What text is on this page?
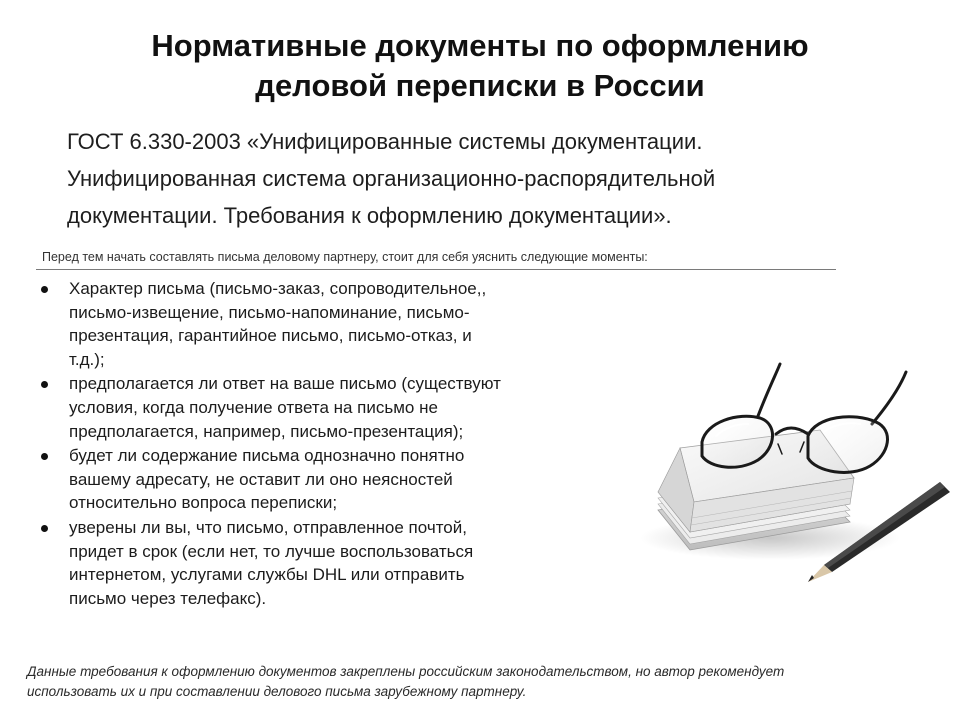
Нормативные документы по оформлению
деловой переписки в России
ГОСТ 6.330-2003 «Унифицированные системы документации.
Унифицированная система организационно-распорядительной
документации. Требования к оформлению документации».
Перед тем начать составлять письма деловому партнеру, стоит для себя уяснить следующие моменты:
Характер письма (письмо-заказ, сопроводительное,,
письмо-извещение, письмо-напоминание, письмо-
презентация, гарантийное письмо, письмо-отказ, и
т.д.);
предполагается ли ответ на ваше письмо (существуют
условия, когда получение ответа на письмо не
предполагается, например, письмо-презентация);
будет ли содержание письма однозначно понятно
вашему адресату, не оставит ли оно неясностей
относительно вопроса переписки;
уверены ли вы, что письмо, отправленное почтой,
придет в срок (если нет, то лучше воспользоваться
интернетом, услугами службы DHL или отправить
письмо через телефакс).
Данные требования к оформлению документов закреплены российским законодательством, но автор рекомендует
использовать их и при составлении делового письма зарубежному партнеру.
